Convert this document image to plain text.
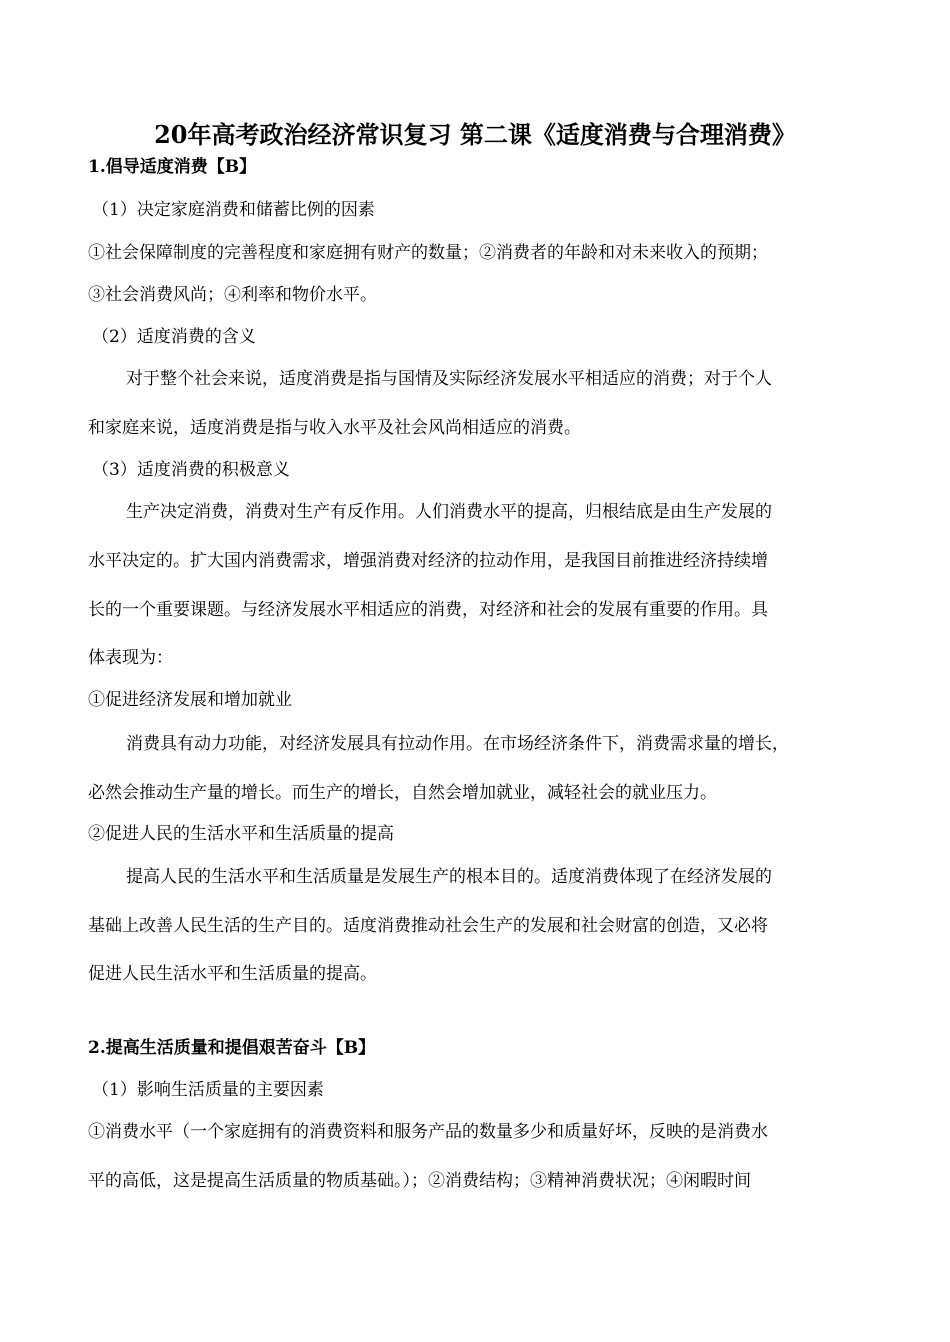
20年高考政治经济常识复习 第二课《适度消费与合理消费》
1.倡导适度消费【B】
（1）决定家庭消费和储蓄比例的因素
①社会保障制度的完善程度和家庭拥有财产的数量；②消费者的年龄和对未来收入的预期；
③社会消费风尚；④利率和物价水平。
（2）适度消费的含义
对于整个社会来说，适度消费是指与国情及实际经济发展水平相适应的消费；对于个人
和家庭来说，适度消费是指与收入水平及社会风尚相适应的消费。
（3）适度消费的积极意义
生产决定消费，消费对生产有反作用。人们消费水平的提高，归根结底是由生产发展的
水平决定的。扩大国内消费需求，增强消费对经济的拉动作用，是我国目前推进经济持续增
长的一个重要课题。与经济发展水平相适应的消费，对经济和社会的发展有重要的作用。具
体表现为：
①促进经济发展和增加就业
消费具有动力功能，对经济发展具有拉动作用。在市场经济条件下，消费需求量的增长，
必然会推动生产量的增长。而生产的增长，自然会增加就业，减轻社会的就业压力。
②促进人民的生活水平和生活质量的提高
提高人民的生活水平和生活质量是发展生产的根本目的。适度消费体现了在经济发展的
基础上改善人民生活的生产目的。适度消费推动社会生产的发展和社会财富的创造，又必将
促进人民生活水平和生活质量的提高。
2.提高生活质量和提倡艰苦奋斗【B】
（1）影响生活质量的主要因素
①消费水平（一个家庭拥有的消费资料和服务产品的数量多少和质量好坏，反映的是消费水
平的高低，这是提高生活质量的物质基础。）；②消费结构；③精神消费状况；④闲暇时间
